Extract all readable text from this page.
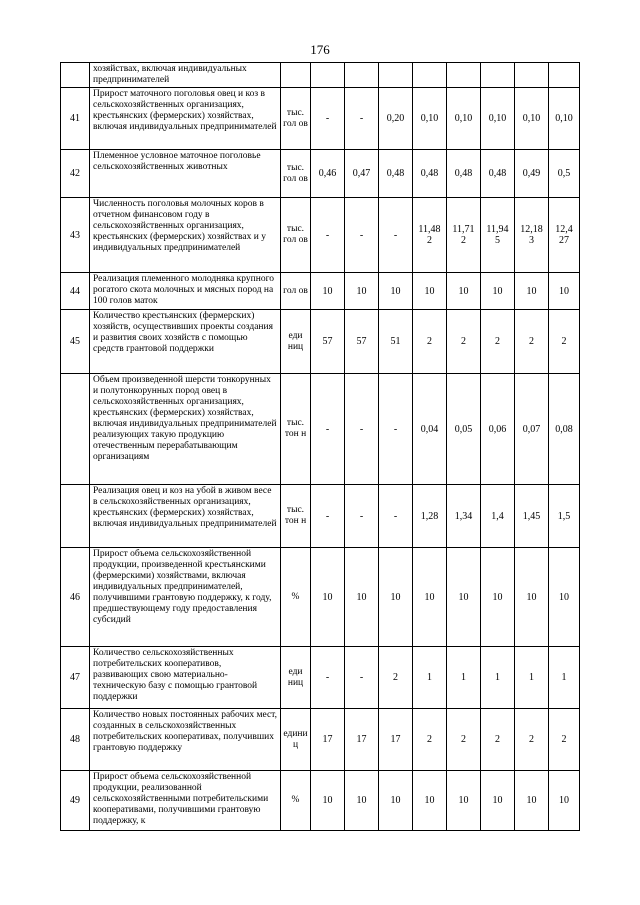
176
	хозяйствах, включая индивидуальных предпринимателей									
41	Прирост маточного поголовья овец и коз в сельскохозяйственных организациях, крестьянских (фермерских) хозяйствах, включая индивидуальных предпринимателей	тыс. гол ов	-	-	0,20	0,10	0,10	0,10	0,10	0,10
42	Племенное условное маточное поголовье сельскохозяйственных животных	тыс. гол ов	0,46	0,47	0,48	0,48	0,48	0,48	0,49	0,5
43	Численность поголовья молочных коров в отчетном финансовом году в сельскохозяйственных организациях, крестьянских (фермерских) хозяйствах и у индивидуальных предпринимателей	тыс. гол ов	-	-	-	11,48 2	11,71 2	11,94 5	12,18 3	12,4 27
44	Реализация племенного молодняка крупного рогатого скота молочных и мясных пород на 100 голов маток	гол ов	10	10	10	10	10	10	10	10
45	Количество крестьянских (фермерских) хозяйств, осуществивших проекты создания и развития своих хозяйств с помощью средств грантовой поддержки	еди ниц	57	57	51	2	2	2	2	2
	Объем произведенной шерсти тонкорунных и полутонкорунных пород овец в сельскохозяйственных организациях, крестьянских (фермерских) хозяйствах, включая индивидуальных предпринимателей реализующих такую продукцию отечественным перерабатывающим организациям	тыс. тон н	-	-	-	0,04	0,05	0,06	0,07	0,08
	Реализация овец и коз на убой в живом весе в сельскохозяйственных организациях, крестьянских (фермерских) хозяйствах, включая индивидуальных предпринимателей	тыс. тон н	-	-	-	1,28	1,34	1,4	1,45	1,5
46	Прирост объема сельскохозяйственной продукции, произведенной крестьянскими (фермерскими) хозяйствами, включая индивидуальных предпринимателей, получившими грантовую поддержку, к году, предшествующему году предоставления субсидий	%	10	10	10	10	10	10	10	10
47	Количество сельскохозяйственных потребительских кооперативов, развивающих свою материально-техническую базу с помощью грантовой поддержки	еди ниц	-	-	2	1	1	1	1	1
48	Количество новых постоянных рабочих мест, созданных в сельскохозяйственных потребительских кооперативах, получивших грантовую поддержку	едини ц	17	17	17	2	2	2	2	2
49	Прирост объема сельскохозяйственной продукции, реализованной сельскохозяйственными потребительскими кооперативами, получившими грантовую поддержку, к	%	10	10	10	10	10	10	10	10
